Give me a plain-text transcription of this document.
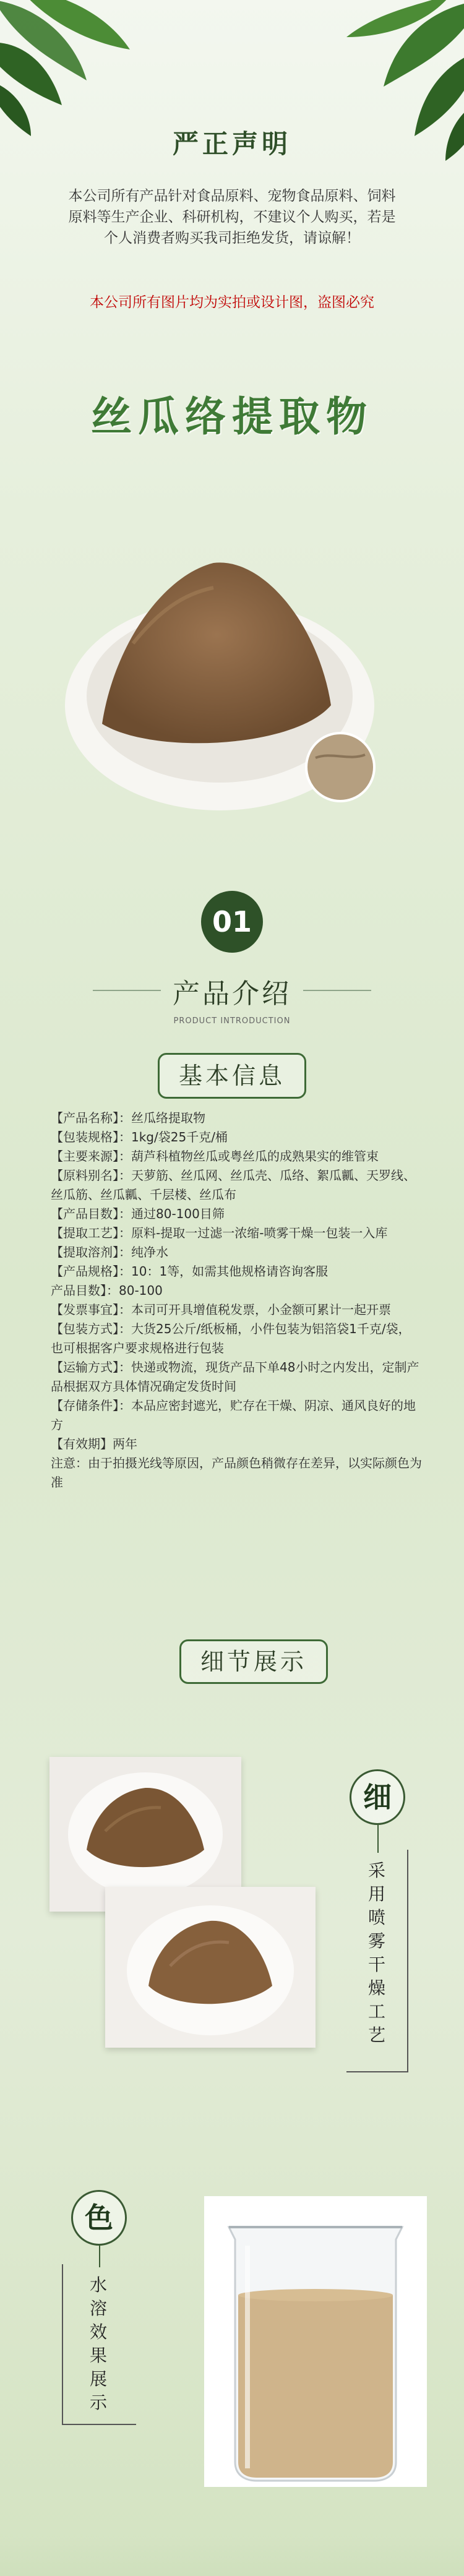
严正声明
本公司所有产品针对食品原料、宠物食品原料、饲料原料等生产企业、科研机构，不建议个人购买，若是个人消费者购买我司拒绝发货，请谅解！
本公司所有图片均为实拍或设计图，盗图必究
丝瓜络提取物
01
产品介绍
PRODUCT INTRODUCTION
基本信息

【产品名称】：丝瓜络提取物

【包装规格】：1kg/袋25千克/桶

【主要来源】：葫芦科植物丝瓜或粤丝瓜的成熟果实的维管束

【原料别名】：天萝筋、丝瓜网、丝瓜壳、瓜络、絮瓜瓤、天罗线、丝瓜筋、丝瓜瓤、千层楼、丝瓜布

【产品目数】：通过80-100目筛

【提取工艺】：原料-提取一过滤一浓缩-喷雾干燥一包装一入库

【提取溶剂】：纯净水

【产品规格】：10：1等，如需其他规格请咨询客服

产品目数】：80-100

【发票事宜】：本司可开具增值税发票，小金额可累计一起开票

【包装方式】：大货25公斤/纸板桶，小件包装为铝箔袋1千克/袋，也可根据客户要求规格进行包装

【运输方式】：快递或物流，现货产品下单48小时之内发出，定制产品根据双方具体情况确定发货时间

【存储条件】：本品应密封遮光，贮存在干燥、阴凉、通风良好的地方

【有效期】两年

注意：由于拍摄光线等原因，产品颜色稍微存在差异，以实际颜色为准

细节展示
细
采用喷雾干燥工艺
色
水溶效果展示
